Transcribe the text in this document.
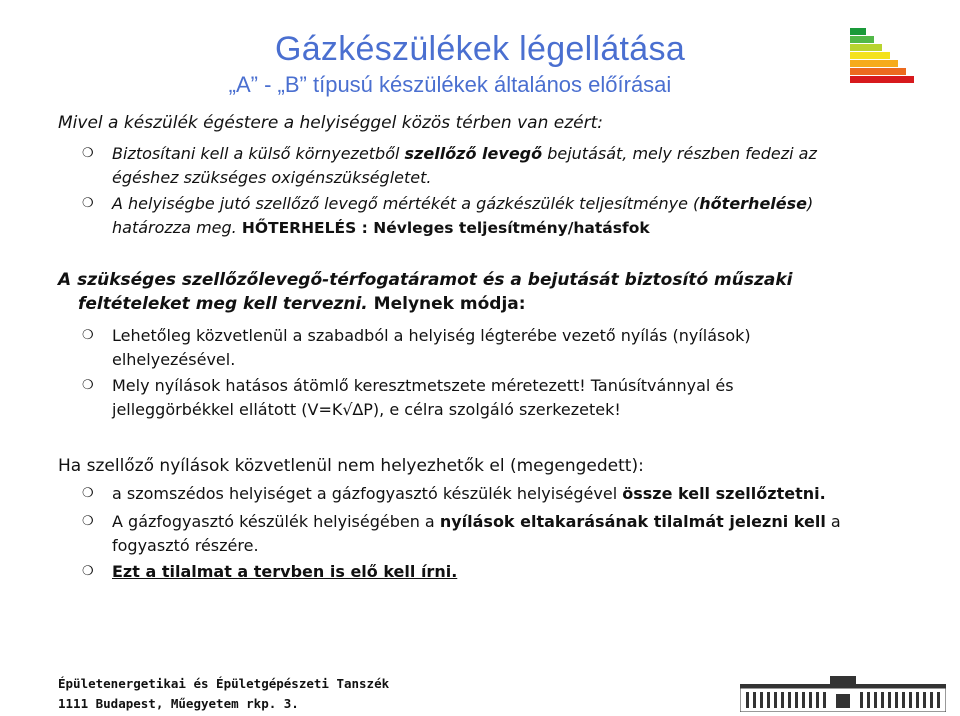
Gázkészülékek légellátása
„A” - „B” típusú készülékek általános előírásai
Mivel a készülék égéstere a helyiséggel közös térben van ezért:
❍ Biztosítani kell a külső környezetből szellőző levegő bejutását, mely részben fedezi az
égéshez szükséges oxigénszükségletet.
❍ A helyiségbe jutó szellőző levegő mértékét a gázkészülék teljesítménye (hőterhelése)
határozza meg. HŐTERHELÉS : Névleges teljesítmény/hatásfok
A szükséges szellőzőlevegő-térfogatáramot és a bejutását biztosító műszaki
feltételeket meg kell tervezni. Melynek módja:
❍ Lehetőleg közvetlenül a szabadból a helyiség légterébe vezető nyílás (nyílások)
elhelyezésével.
❍ Mely nyílások hatásos átömlő keresztmetszete méretezett! Tanúsítvánnyal és
jelleggörbékkel ellátott (V=K√∆P), e célra szolgáló szerkezetek!
Ha szellőző nyílások közvetlenül nem helyezhetők el (megengedett):
❍ a szomszédos helyiséget a gázfogyasztó készülék helyiségével össze kell szellőztetni.
❍ A gázfogyasztó készülék helyiségében a nyílások eltakarásának tilalmát jelezni kell a
fogyasztó részére.
❍ Ezt a tilalmat a tervben is elő kell írni.
Épületenergetikai és Épületgépészeti Tanszék
1111 Budapest, Műegyetem rkp. 3.
